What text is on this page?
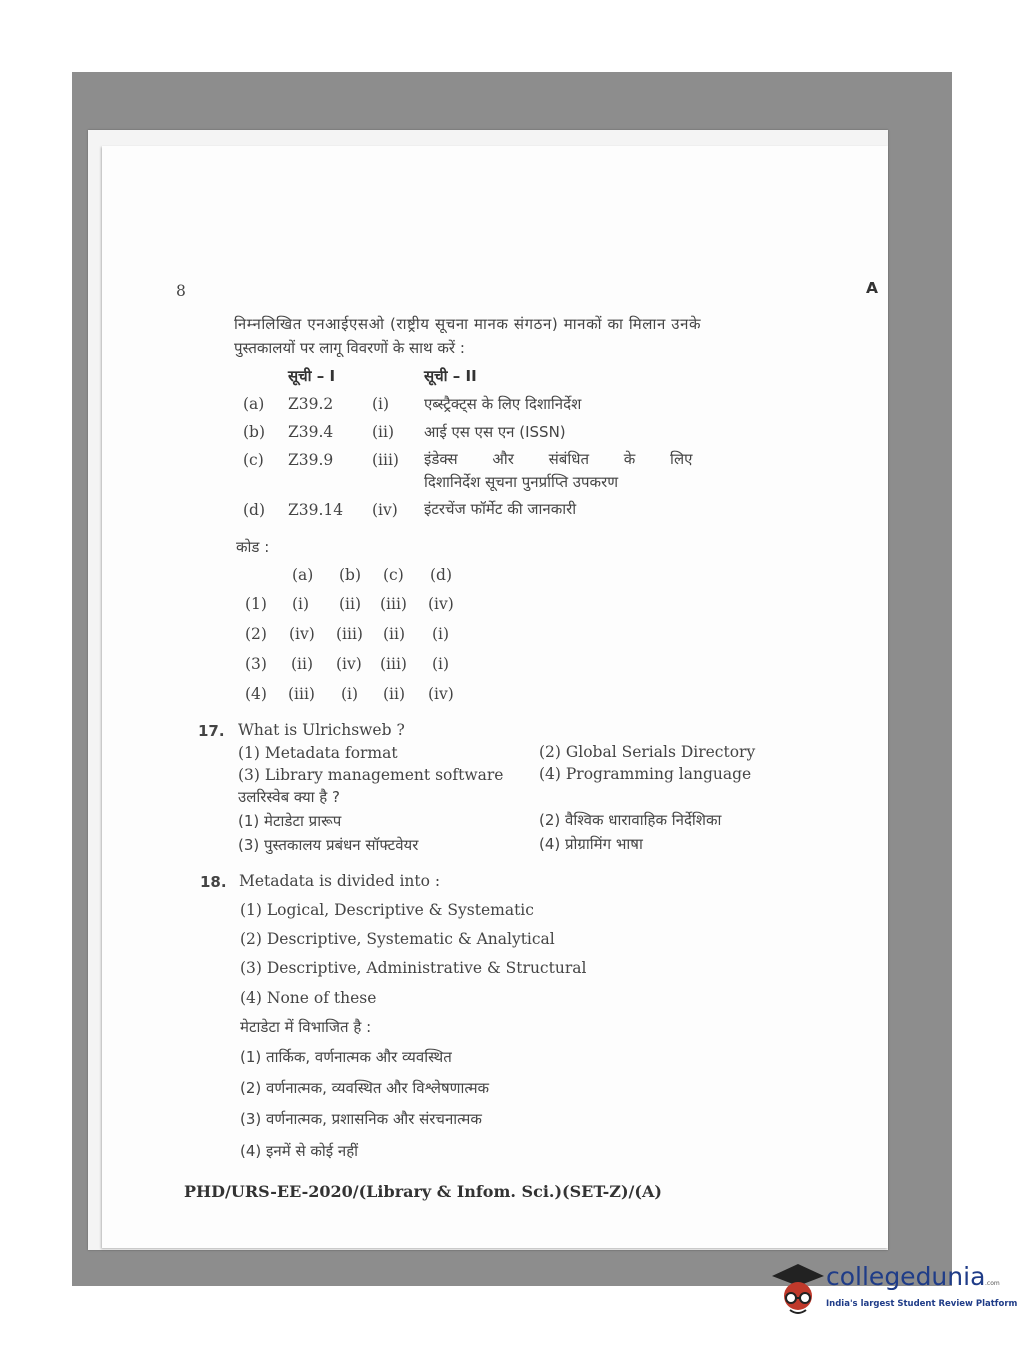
8	A
निम्नलिखित एनआईएसओ (राष्ट्रीय सूचना मानक संगठन) मानकों का मिलान उनके
पुस्तकालयों पर लागू विवरणों के साथ करें :
सूची – I	सूची – II
(a) Z39.2 (i) एब्स्ट्रैक्ट्स के लिए दिशानिर्देश
(b) Z39.4 (ii) आई एस एस एन (ISSN)
(c) Z39.9 (iii) इंडेक्स और संबंधित के लिए
दिशानिर्देश सूचना पुनर्प्राप्ति उपकरण
(d) Z39.14 (iv) इंटरचेंज फॉर्मेट की जानकारी
कोड :
(a) (b) (c) (d)
(1) (i) (ii) (iii) (iv)
(2) (iv) (iii) (ii) (i)
(3) (ii) (iv) (iii) (i)
(4) (iii) (i) (ii) (iv)
17. What is Ulrichsweb ?
(1) Metadata format	(2) Global Serials Directory
(3) Library management software (4) Programming language
उलरिस्वेब क्या है ?
(1) मेटाडेटा प्रारूप	(2) वैश्विक धारावाहिक निर्देशिका
(3) पुस्तकालय प्रबंधन सॉफ्टवेयर	(4) प्रोग्रामिंग भाषा
18. Metadata is divided into :
(1) Logical, Descriptive & Systematic
(2) Descriptive, Systematic & Analytical
(3) Descriptive, Administrative & Structural
(4) None of these
मेटाडेटा में विभाजित है :
(1) तार्किक, वर्णनात्मक और व्यवस्थित
(2) वर्णनात्मक, व्यवस्थित और विश्लेषणात्मक
(3) वर्णनात्मक, प्रशासनिक और संरचनात्मक
(4) इनमें से कोई नहीं
PHD/URS-EE-2020/(Library & Infom. Sci.)(SET-Z)/(A)
collegedunia .com
India's largest Student Review Platform
